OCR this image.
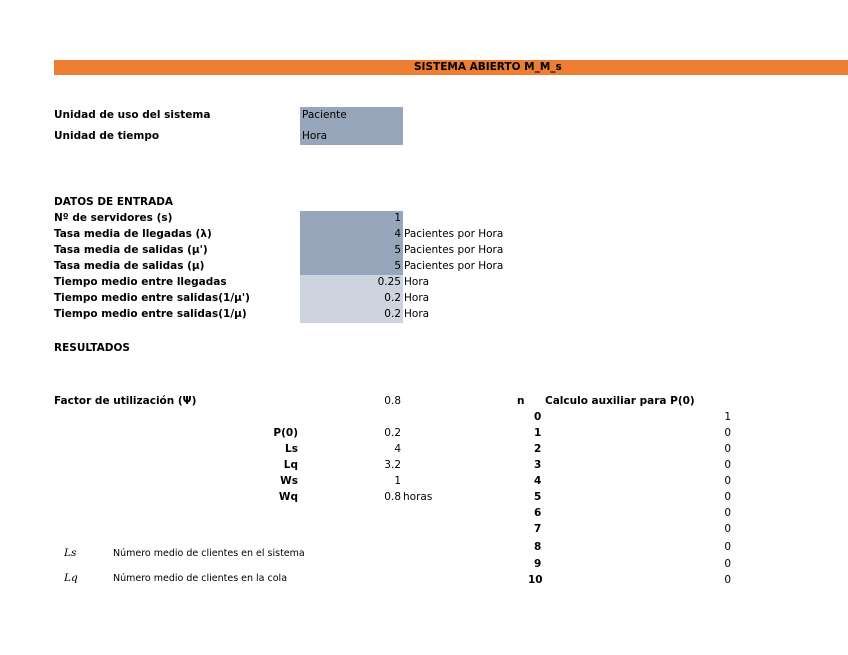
SISTEMA ABIERTO M_M_s
Unidad de uso del sistema	Paciente
Unidad de tiempo	Hora
DATOS DE ENTRADA
Nº de servidores (s)	1
Tasa media de llegadas (λ)	4 Pacientes por Hora
Tasa media de salidas (μ')	5 Pacientes por Hora
Tasa media de salidas (μ)	5 Pacientes por Hora
Tiempo medio entre llegadas	0.25 Hora
Tiempo medio entre salidas(1/μ')	0.2 Hora
Tiempo medio entre salidas(1/μ)	0.2 Hora
RESULTADOS
Factor de utilización (Ψ)	0.8
P(0)	0.2
Ls	4
Lq	3.2
Ws	1
Wq	0.8 horas
n Calculo auxiliar para P(0)
0	1
1	0
2	0
3	0
4	0
5	0
6	0
7	0
8	0
9	0
10	0
Ls	Número medio de clientes en el sistema
Lq	Número medio de clientes en la cola
